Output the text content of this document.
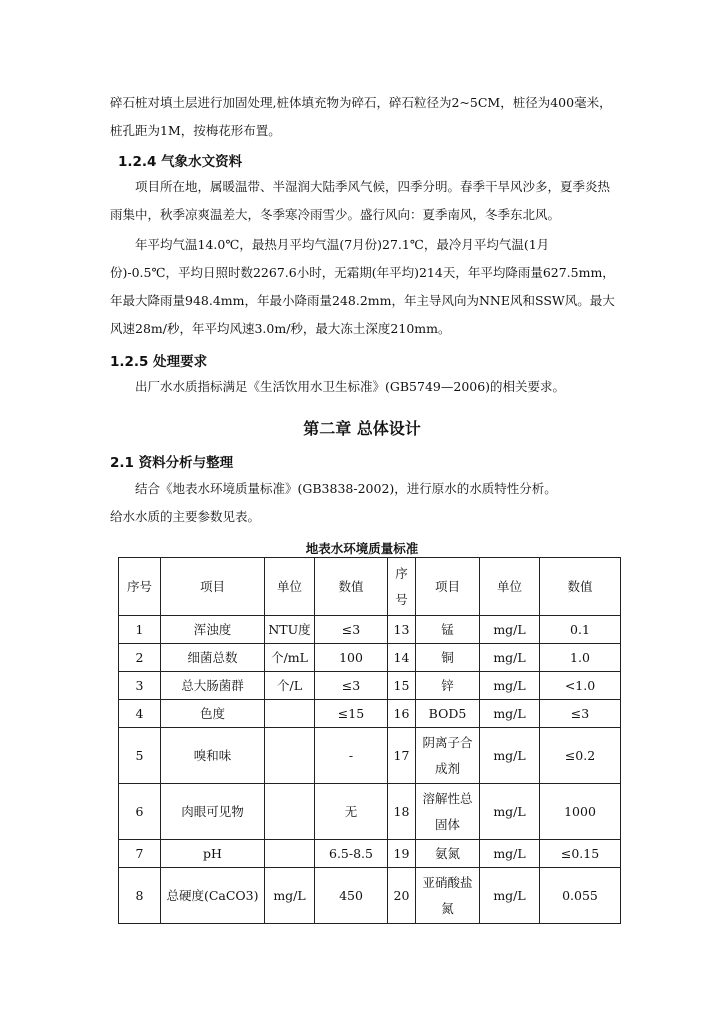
碎石桩对填土层进行加固处理,桩体填充物为碎石，碎石粒径为2~5CM，桩径为400毫米，桩孔距为1M，按梅花形布置。

1.2.4 气象水文资料

项目所在地，属暖温带、半湿润大陆季风气候，四季分明。春季干旱风沙多，夏季炎热雨集中，秋季凉爽温差大，冬季寒冷雨雪少。盛行风向：夏季南风，冬季东北风。

年平均气温14.0℃，最热月平均气温(7月份)27.1℃，最冷月平均气温(1月份)-0.5℃，平均日照时数2267.6小时，无霜期(年平均)214天，年平均降雨量627.5mm，年最大降雨量948.4mm，年最小降雨量248.2mm，年主导风向为NNE风和SSW风。最大风速28m/秒，年平均风速3.0m/秒，最大冻土深度210mm。

1.2.5 处理要求

出厂水水质指标满足《生活饮用水卫生标准》(GB5749—2006)的相关要求。

第二章 总体设计
2.1 资料分析与整理

结合《地表水环境质量标准》(GB3838-2002)，进行原水的水质特性分析。

给水水质的主要参数见表。

地表水环境质量标准
序号	项目	单位	数值	序号	项目	单位	数值
1	浑浊度	NTU度	≤3	13	锰	mg/L	0.1
2	细菌总数	个/mL	100	14	铜	mg/L	1.0
3	总大肠菌群	个/L	≤3	15	锌	mg/L	<1.0
4	色度		≤15	16	BOD5	mg/L	≤3
5	嗅和味		-	17	阴离子合成剂	mg/L	≤0.2
6	肉眼可见物		无	18	溶解性总固体	mg/L	1000
7	pH		6.5-8.5	19	氨氮	mg/L	≤0.15
8	总硬度(CaCO3)	mg/L	450	20	亚硝酸盐氮	mg/L	0.055
